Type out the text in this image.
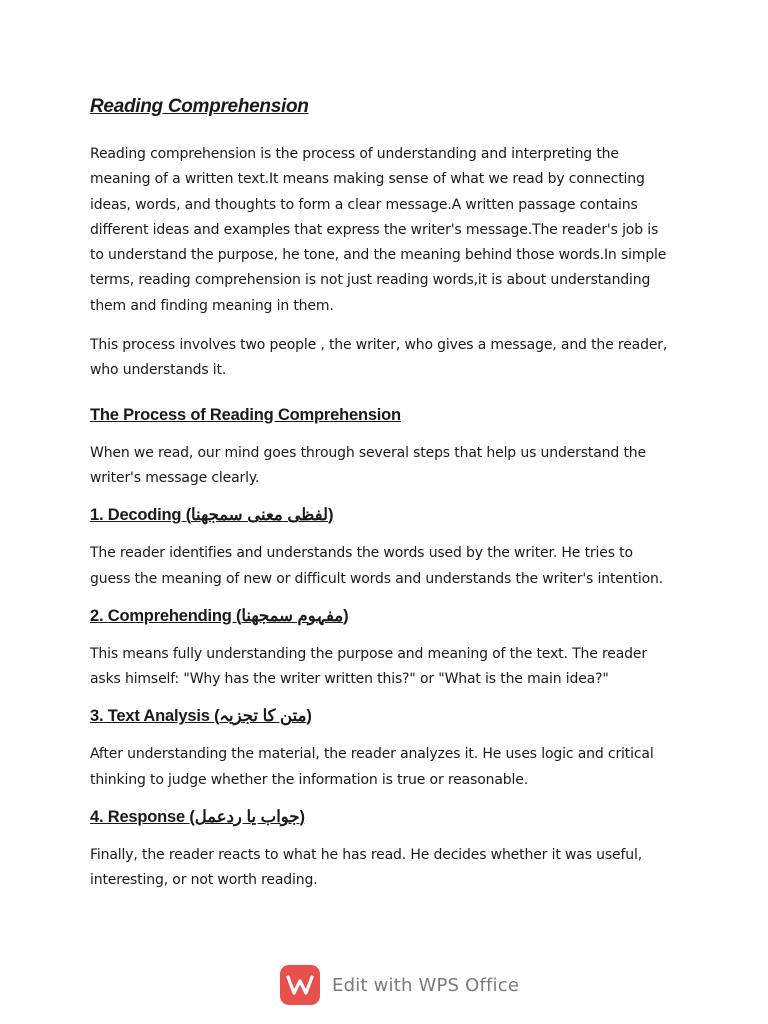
Reading Comprehension

Reading comprehension is the process of understanding and interpreting the meaning of a written text.It means making sense of what we read by connecting ideas, words, and thoughts to form a clear message.A written passage contains different ideas and examples that express the writer's message.The reader's job is to understand the purpose, he tone, and the meaning behind those words.In simple terms, reading comprehension is not just reading words,it is about understanding them and finding meaning in them.

This process involves two people , the writer, who gives a message, and the reader, who understands it.

The Process of Reading Comprehension

When we read, our mind goes through several steps that help us understand the writer's message clearly.

1. Decoding (لفظی معنی سمجھنا)

The reader identifies and understands the words used by the writer. He tries to guess the meaning of new or difficult words and understands the writer's intention.

2. Comprehending (مفہوم سمجھنا)

This means fully understanding the purpose and meaning of the text. The reader asks himself: "Why has the writer written this?" or "What is the main idea?"

3. Text Analysis (متن کا تجزیہ)

After understanding the material, the reader analyzes it. He uses logic and critical thinking to judge whether the information is true or reasonable.

4. Response (جواب یا ردعمل)

Finally, the reader reacts to what he has read. He decides whether it was useful, interesting, or not worth reading.

Edit with WPS Office
